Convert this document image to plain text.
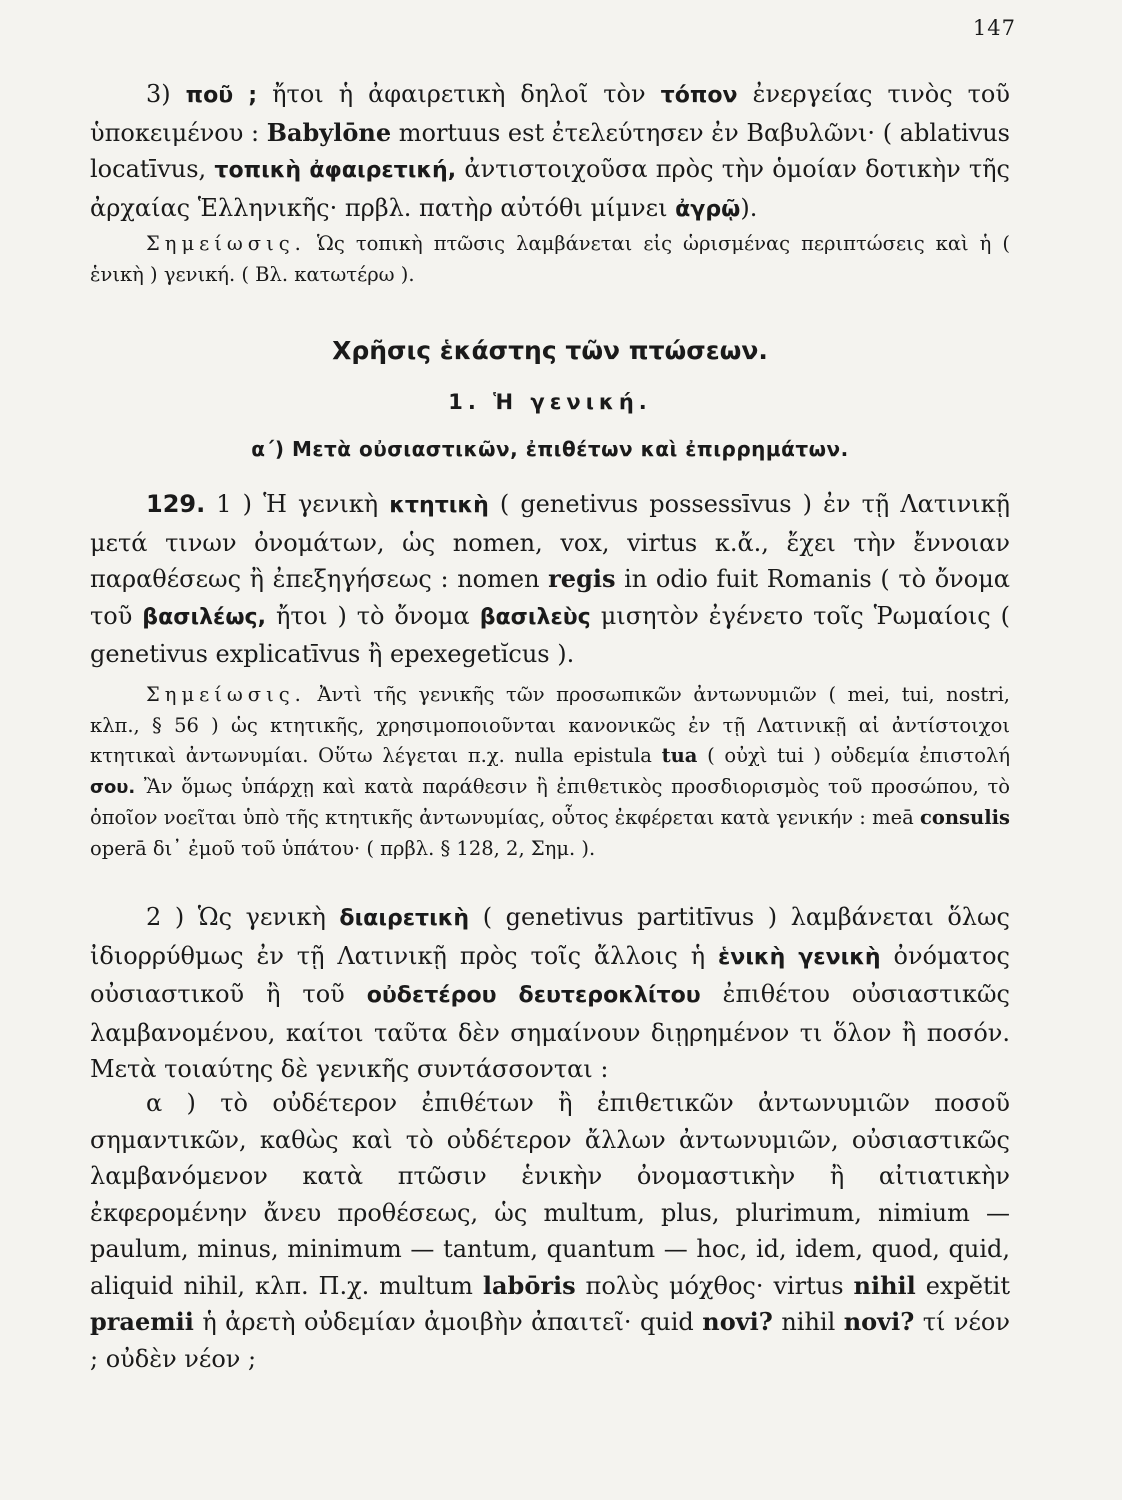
147

3) ποῦ ; ἤτοι ἡ ἀφαιρετικὴ δηλοῖ τὸν τόπον ἐνεργείας τινὸς τοῦ ὑποκειμένου : Babylōne mortuus est ἐτελεύτησεν ἐν Βαβυλῶνι· ( ablativus locatīvus, τοπικὴ ἀφαιρετική, ἀντιστοιχοῦσα πρὸς τὴν ὁμοίαν δοτικὴν τῆς ἀρχαίας Ἑλληνικῆς· πρβλ. πατὴρ αὐτόθι μίμνει ἀγρῷ).

Σημείωσις. Ὡς τοπικὴ πτῶσις λαμβάνεται εἰς ὡρισμένας περιπτώσεις καὶ ἡ ( ἑνικὴ ) γενική. ( Βλ. κατωτέρω ).

Χρῆσις ἑκάστης τῶν πτώσεων.
1. Ἡ γενική.
α΄) Μετὰ οὐσιαστικῶν, ἐπιθέτων καὶ ἐπιρρημάτων.

129. 1 ) Ἡ γενικὴ κτητικὴ ( genetivus possessīvus ) ἐν τῇ Λατινικῇ μετά τινων ὀνομάτων, ὡς nomen, vox, virtus κ.ἄ., ἔχει τὴν ἔννοιαν παραθέσεως ἢ ἐπεξηγήσεως : nomen regis in odio fuit Romanis ( τὸ ὄνομα τοῦ βασιλέως, ἤτοι ) τὸ ὄνομα βασιλεὺς μισητὸν ἐγένετο τοῖς Ῥωμαίοις ( genetivus explicatīvus ἢ epexegetĭcus ).

Σημείωσις. Ἀντὶ τῆς γενικῆς τῶν προσωπικῶν ἀντωνυμιῶν ( mei, tui, nostri, κλπ., § 56 ) ὡς κτητικῆς, χρησιμοποιοῦνται κανονικῶς ἐν τῇ Λατινικῇ αἱ ἀντίστοιχοι κτητικαὶ ἀντωνυμίαι. Οὕτω λέγεται π.χ. nulla epistula tua ( οὐχὶ tui ) οὐδεμία ἐπιστολή σου. Ἂν ὅμως ὑπάρχῃ καὶ κατὰ παράθεσιν ἢ ἐπιθετικὸς προσδιορισμὸς τοῦ προσώπου, τὸ ὁποῖον νοεῖται ὑπὸ τῆς κτητικῆς ἀντωνυμίας, οὗτος ἐκφέρεται κατὰ γενικήν : meā consulis operā δι᾽ ἐμοῦ τοῦ ὑπάτου· ( πρβλ. § 128, 2, Σημ. ).

2 ) Ὡς γενικὴ διαιρετικὴ ( genetivus partitīvus ) λαμβάνεται ὅλως ἰδιορρύθμως ἐν τῇ Λατινικῇ πρὸς τοῖς ἄλλοις ἡ ἑνικὴ γενικὴ ὀνόματος οὐσιαστικοῦ ἢ τοῦ οὐδετέρου δευτεροκλίτου ἐπιθέτου οὐσιαστικῶς λαμβανομένου, καίτοι ταῦτα δὲν σημαίνουν διῃρημένον τι ὅλον ἢ ποσόν. Μετὰ τοιαύτης δὲ γενικῆς συντάσσονται :

α ) τὸ οὐδέτερον ἐπιθέτων ἢ ἐπιθετικῶν ἀντωνυμιῶν ποσοῦ σημαντικῶν, καθὼς καὶ τὸ οὐδέτερον ἄλλων ἀντωνυμιῶν, οὐσιαστικῶς λαμβανόμενον κατὰ πτῶσιν ἑνικὴν ὀνομαστικὴν ἢ αἰτιατικὴν ἐκφερομένην ἄνευ προθέσεως, ὡς multum, plus, plurimum, nimium — paulum, minus, minimum — tantum, quantum — hoc, id, idem, quod, quid, aliquid nihil, κλπ. Π.χ. multum labōris πολὺς μόχθος· virtus nihil expĕtit praemii ἡ ἀρετὴ οὐδεμίαν ἀμοιβὴν ἀπαιτεῖ· quid novi? nihil novi? τί νέον ; οὐδὲν νέον ;
